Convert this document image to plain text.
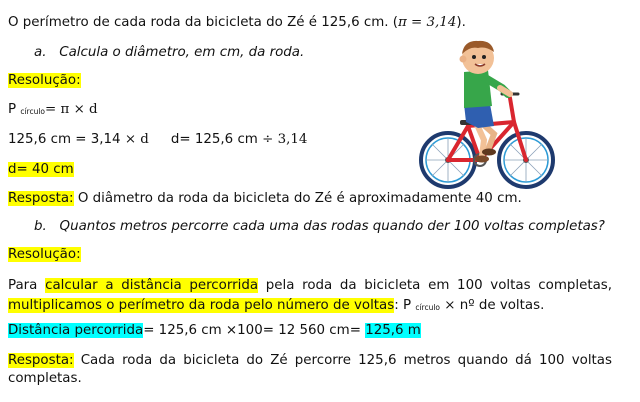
O perímetro de cada roda da bicicleta do Zé é 125,6 cm. (π = 3,14).
a. Calcula o diâmetro, em cm, da roda.
Resolução:
P círculo= π × d
125,6 cm = 3,14 × d d= 125,6 cm ÷ 3,14
d= 40 cm
Resposta: O diâmetro da roda da bicicleta do Zé é aproximadamente 40 cm.
b. Quantos metros percorre cada uma das rodas quando der 100 voltas completas?
Resolução:
Para calcular a distância percorrida pela roda da bicicleta em 100 voltas completas, multiplicamos o perímetro da roda pelo número de voltas: P círculo × nº de voltas.
Distância percorrida= 125,6 cm ×100= 12 560 cm= 125,6 m
Resposta: Cada roda da bicicleta do Zé percorre 125,6 metros quando dá 100 voltas completas.
